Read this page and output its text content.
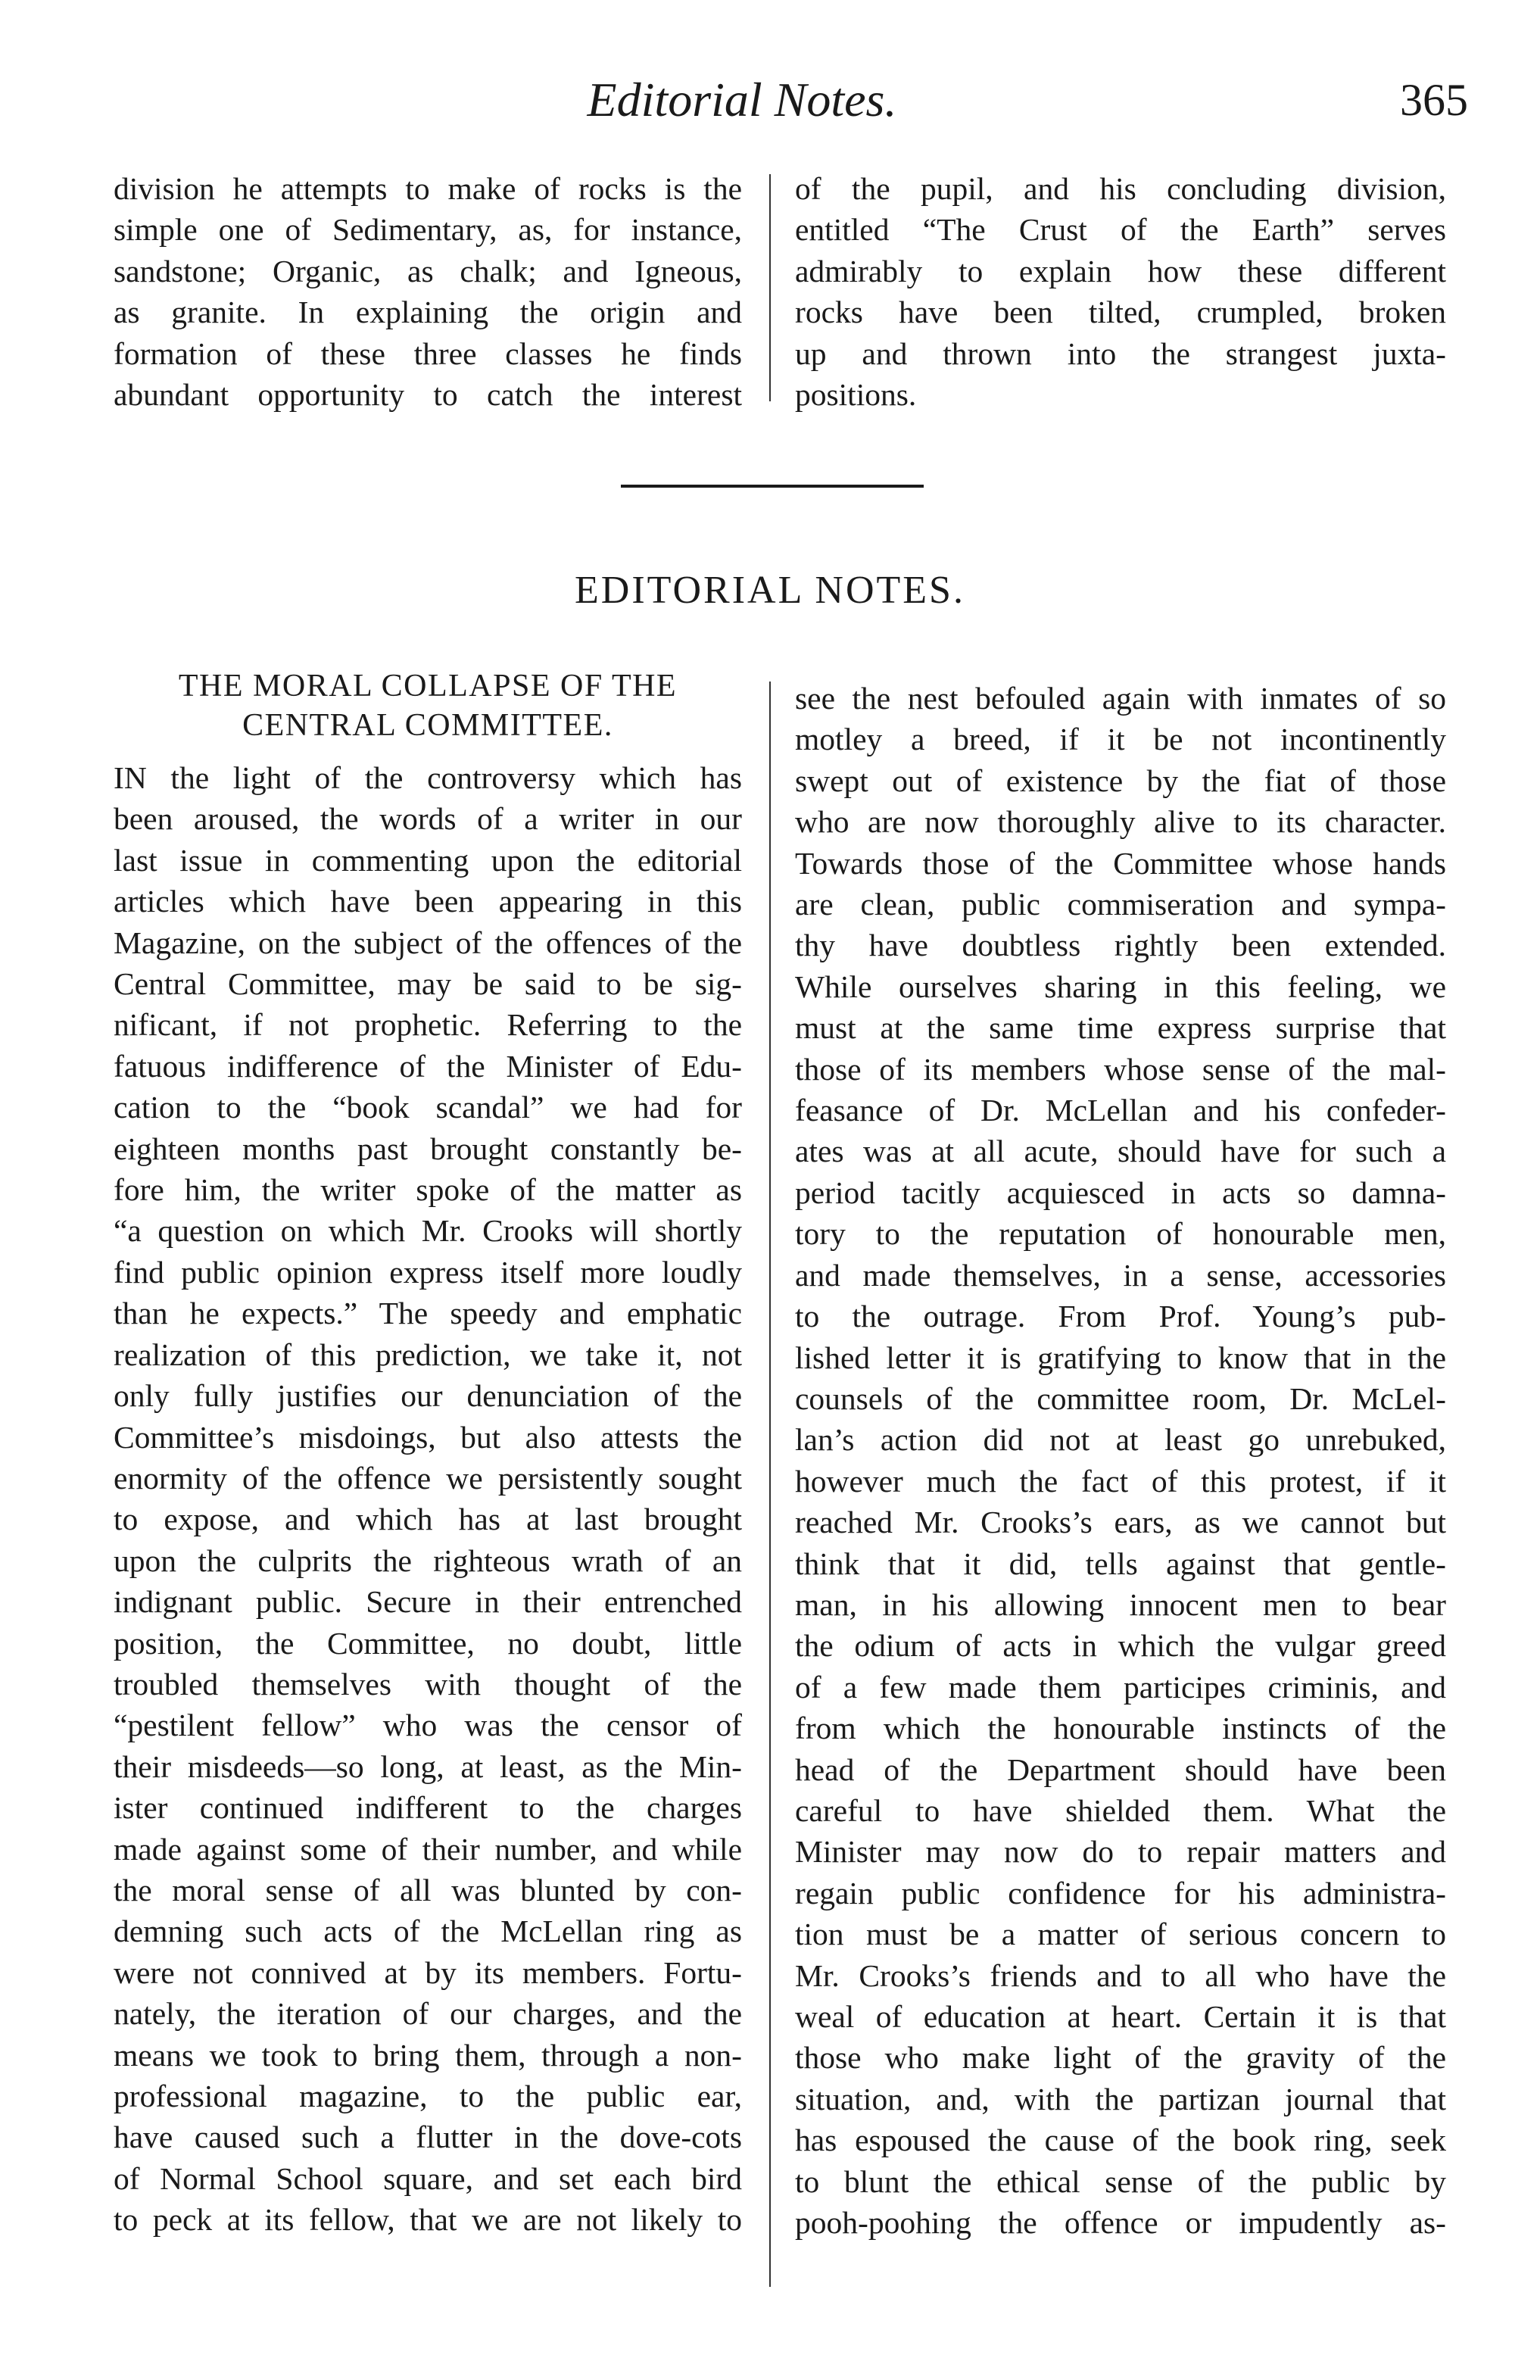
Editorial Notes.	365

division he attempts to make of rocks is the

simple one of Sedimentary, as, for instance,

sandstone; Organic, as chalk; and Igneous,

as granite. In explaining the origin and

formation of these three classes he finds

abundant opportunity to catch the interest

of the pupil, and his concluding division,

entitled “The Crust of the Earth” serves

admirably to explain how these different

rocks have been tilted, crumpled, broken

up and thrown into the strangest juxta-

positions.

EDITORIAL NOTES.
THE MORAL COLLAPSE OF THE
CENTRAL COMMITTEE.

IN the light of the controversy which has

been aroused, the words of a writer in our

last issue in commenting upon the editorial

articles which have been appearing in this

Magazine, on the subject of the offences of the

Central Committee, may be said to be sig-

nificant, if not prophetic. Referring to the

fatuous indifference of the Minister of Edu-

cation to the “book scandal” we had for

eighteen months past brought constantly be-

fore him, the writer spoke of the matter as

“a question on which Mr. Crooks will shortly

find public opinion express itself more loudly

than he expects.” The speedy and emphatic

realization of this prediction, we take it, not

only fully justifies our denunciation of the

Committee’s misdoings, but also attests the

enormity of the offence we persistently sought

to expose, and which has at last brought

upon the culprits the righteous wrath of an

indignant public. Secure in their entrenched

position, the Committee, no doubt, little

troubled themselves with thought of the

“pestilent fellow” who was the censor of

their misdeeds—so long, at least, as the Min-

ister continued indifferent to the charges

made against some of their number, and while

the moral sense of all was blunted by con-

demning such acts of the McLellan ring as

were not connived at by its members. Fortu-

nately, the iteration of our charges, and the

means we took to bring them, through a non-

professional magazine, to the public ear,

have caused such a flutter in the dove-cots

of Normal School square, and set each bird

to peck at its fellow, that we are not likely to

see the nest befouled again with inmates of so

motley a breed, if it be not incontinently

swept out of existence by the fiat of those

who are now thoroughly alive to its character.

Towards those of the Committee whose hands

are clean, public commiseration and sympa-

thy have doubtless rightly been extended.

While ourselves sharing in this feeling, we

must at the same time express surprise that

those of its members whose sense of the mal-

feasance of Dr. McLellan and his confeder-

ates was at all acute, should have for such a

period tacitly acquiesced in acts so damna-

tory to the reputation of honourable men,

and made themselves, in a sense, accessories

to the outrage. From Prof. Young’s pub-

lished letter it is gratifying to know that in the

counsels of the committee room, Dr. McLel-

lan’s action did not at least go unrebuked,

however much the fact of this protest, if it

reached Mr. Crooks’s ears, as we cannot but

think that it did, tells against that gentle-

man, in his allowing innocent men to bear

the odium of acts in which the vulgar greed

of a few made them participes criminis, and

from which the honourable instincts of the

head of the Department should have been

careful to have shielded them. What the

Minister may now do to repair matters and

regain public confidence for his administra-

tion must be a matter of serious concern to

Mr. Crooks’s friends and to all who have the

weal of education at heart. Certain it is that

those who make light of the gravity of the

situation, and, with the partizan journal that

has espoused the cause of the book ring, seek

to blunt the ethical sense of the public by

pooh-poohing the offence or impudently as-
